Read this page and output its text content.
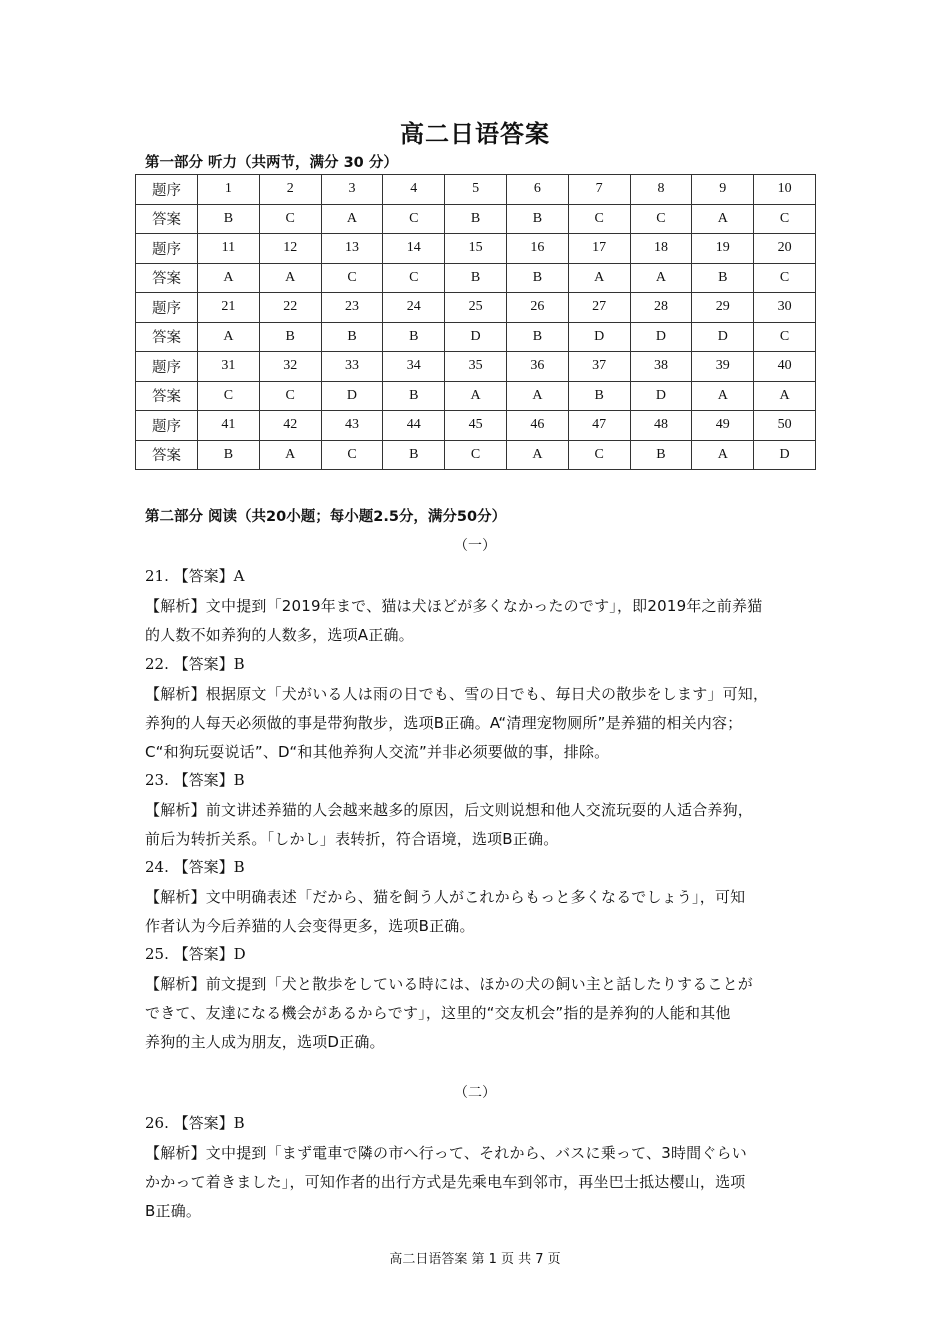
高二日语答案
第一部分 听力（共两节，满分 30 分）
题序	1	2	3	4	5	6	7	8	9	10
答案	B	C	A	C	B	B	C	C	A	C
题序	11	12	13	14	15	16	17	18	19	20
答案	A	A	C	C	B	B	A	A	B	C
题序	21	22	23	24	25	26	27	28	29	30
答案	A	B	B	B	D	B	D	D	D	C
题序	31	32	33	34	35	36	37	38	39	40
答案	C	C	D	B	A	A	B	D	A	A
题序	41	42	43	44	45	46	47	48	49	50
答案	B	A	C	B	C	A	C	B	A	D
第二部分 阅读（共20小题；每小题2.5分，满分50分）
（一）
21. 【答案】A
【解析】文中提到「2019年まで、猫は犬ほどが多くなかったのです」，即2019年之前养猫
的人数不如养狗的人数多，选项A正确。
22. 【答案】B
【解析】根据原文「犬がいる人は雨の日でも、雪の日でも、毎日犬の散歩をします」可知，
养狗的人每天必须做的事是带狗散步，选项B正确。A“清理宠物厕所”是养猫的相关内容；
C“和狗玩耍说话”、D“和其他养狗人交流”并非必须要做的事，排除。
23. 【答案】B
【解析】前文讲述养猫的人会越来越多的原因，后文则说想和他人交流玩耍的人适合养狗，
前后为转折关系。「しかし」表转折，符合语境，选项B正确。
24. 【答案】B
【解析】文中明确表述「だから、猫を飼う人がこれからもっと多くなるでしょう」，可知
作者认为今后养猫的人会变得更多，选项B正确。
25. 【答案】D
【解析】前文提到「犬と散歩をしている時には、ほかの犬の飼い主と話したりすることが
できて、友達になる機会があるからです」，这里的“交友机会”指的是养狗的人能和其他
养狗的主人成为朋友，选项D正确。
（二）
26. 【答案】B
【解析】文中提到「まず電車で隣の市へ行って、それから、バスに乗って、3時間ぐらい
かかって着きました」，可知作者的出行方式是先乘电车到邻市，再坐巴士抵达樱山，选项
B正确。
高二日语答案 第 1 页 共 7 页
